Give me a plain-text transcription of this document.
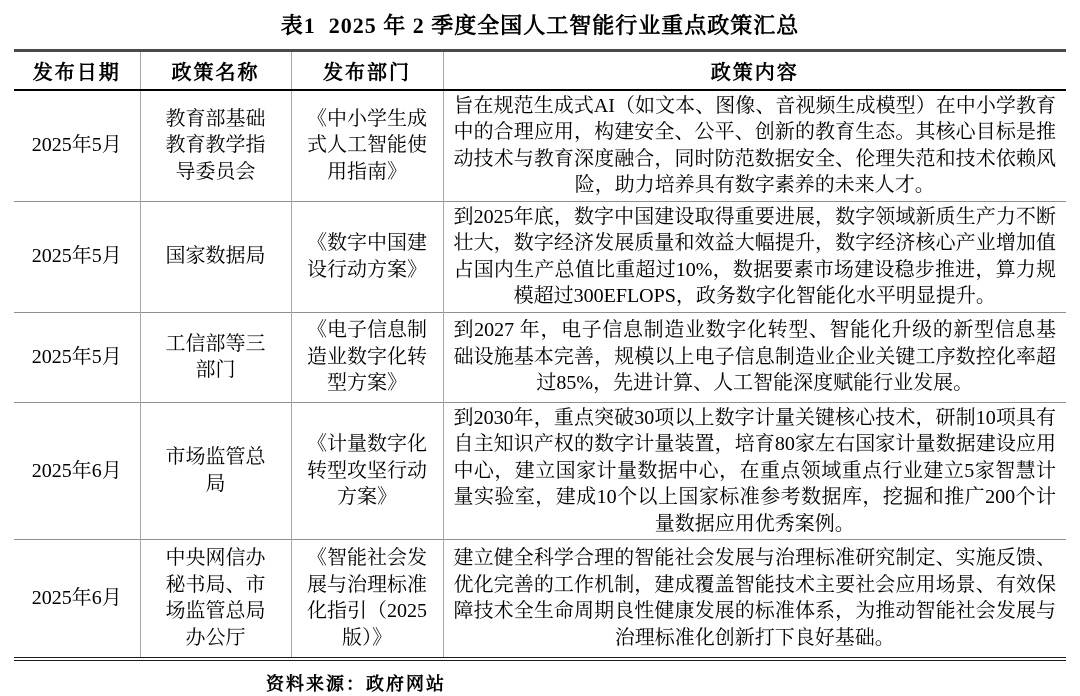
表1  2025 年 2 季度全国人工智能行业重点政策汇总
发布日期	政策名称	发布部门	政策内容
2025年5月	教育部基础教育教学指导委员会	《中小学生成式人工智能使用指南》	旨在规范生成式AI（如文本、图像、音视频生成模型）在中小学教育中的合理应用，构建安全、公平、创新的教育生态。其核心目标是推动技术与教育深度融合，同时防范数据安全、伦理失范和技术依赖风险，助力培养具有数字素养的未来人才。
2025年5月	国家数据局	《数字中国建设行动方案》	到2025年底，数字中国建设取得重要进展，数字领域新质生产力不断壮大，数字经济发展质量和效益大幅提升，数字经济核心产业增加值占国内生产总值比重超过10%，数据要素市场建设稳步推进，算力规模超过300EFLOPS，政务数字化智能化水平明显提升。
2025年5月	工信部等三部门	《电子信息制造业数字化转型方案》	到2027 年，电子信息制造业数字化转型、智能化升级的新型信息基础设施基本完善，规模以上电子信息制造业企业关键工序数控化率超过85%，先进计算、人工智能深度赋能行业发展。
2025年6月	市场监管总局	《计量数字化转型攻坚行动方案》	到2030年，重点突破30项以上数字计量关键核心技术，研制10项具有自主知识产权的数字计量装置，培育80家左右国家计量数据建设应用中心，建立国家计量数据中心，在重点领域重点行业建立5家智慧计量实验室，建成10个以上国家标准参考数据库，挖掘和推广200个计量数据应用优秀案例。
2025年6月	中央网信办秘书局、市场监管总局办公厅	《智能社会发展与治理标准化指引（2025版）》	建立健全科学合理的智能社会发展与治理标准研究制定、实施反馈、优化完善的工作机制，建成覆盖智能技术主要社会应用场景、有效保障技术全生命周期良性健康发展的标准体系，为推动智能社会发展与治理标准化创新打下良好基础。
资料来源：政府网站
